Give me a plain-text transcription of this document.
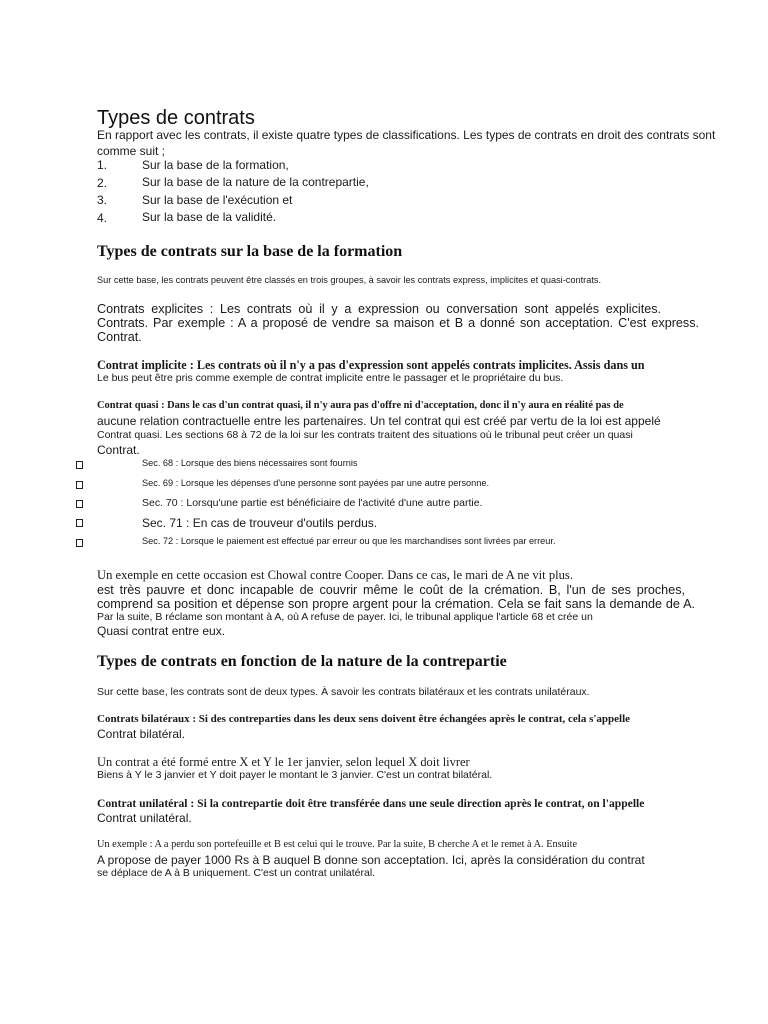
Types de contrats
En rapport avec les contrats, il existe quatre types de classifications. Les types de contrats en droit des contrats sont
comme suit ;
1.	Sur la base de la formation,
2.	Sur la base de la nature de la contrepartie,
3.	Sur la base de l'exécution et
4.	Sur la base de la validité.
Types de contrats sur la base de la formation
Sur cette base, les contrats peuvent être classés en trois groupes, à savoir les contrats express, implicites et quasi-contrats.
Contrats explicites : Les contrats où il y a expression ou conversation sont appelés explicites.
Contrats. Par exemple : A a proposé de vendre sa maison et B a donné son acceptation. C'est express.
Contrat.
Contrat implicite : Les contrats où il n'y a pas d'expression sont appelés contrats implicites. Assis dans un
Le bus peut être pris comme exemple de contrat implicite entre le passager et le propriétaire du bus.
Contrat quasi : Dans le cas d'un contrat quasi, il n'y aura pas d'offre ni d'acceptation, donc il n'y aura en réalité pas de
aucune relation contractuelle entre les partenaires. Un tel contrat qui est créé par vertu de la loi est appelé
Contrat quasi. Les sections 68 à 72 de la loi sur les contrats traitent des situations où le tribunal peut créer un quasi
Contrat.
Sec. 68 : Lorsque des biens nécessaires sont fournis
Sec. 69 : Lorsque les dépenses d'une personne sont payées par une autre personne.
Sec. 70 : Lorsqu'une partie est bénéficiaire de l'activité d'une autre partie.
Sec. 71 : En cas de trouveur d'outils perdus.
Sec. 72 : Lorsque le paiement est effectué par erreur ou que les marchandises sont livrées par erreur.
Un exemple en cette occasion est Chowal contre Cooper. Dans ce cas, le mari de A ne vit plus.
est très pauvre et donc incapable de couvrir même le coût de la crémation. B, l'un de ses proches,
comprend sa position et dépense son propre argent pour la crémation. Cela se fait sans la demande de A.
Par la suite, B réclame son montant à A, où A refuse de payer. Ici, le tribunal applique l'article 68 et crée un
Quasi contrat entre eux.
Types de contrats en fonction de la nature de la contrepartie
Sur cette base, les contrats sont de deux types. À savoir les contrats bilatéraux et les contrats unilatéraux.
Contrats bilatéraux : Si des contreparties dans les deux sens doivent être échangées après le contrat, cela s'appelle
Contrat bilatéral.
Un contrat a été formé entre X et Y le 1er janvier, selon lequel X doit livrer
Biens à Y le 3 janvier et Y doit payer le montant le 3 janvier. C'est un contrat bilatéral.
Contrat unilatéral : Si la contrepartie doit être transférée dans une seule direction après le contrat, on l'appelle
Contrat unilatéral.
Un exemple : A a perdu son portefeuille et B est celui qui le trouve. Par la suite, B cherche A et le remet à A. Ensuite
A propose de payer 1000 Rs à B auquel B donne son acceptation. Ici, après la considération du contrat
se déplace de A à B uniquement. C'est un contrat unilatéral.
